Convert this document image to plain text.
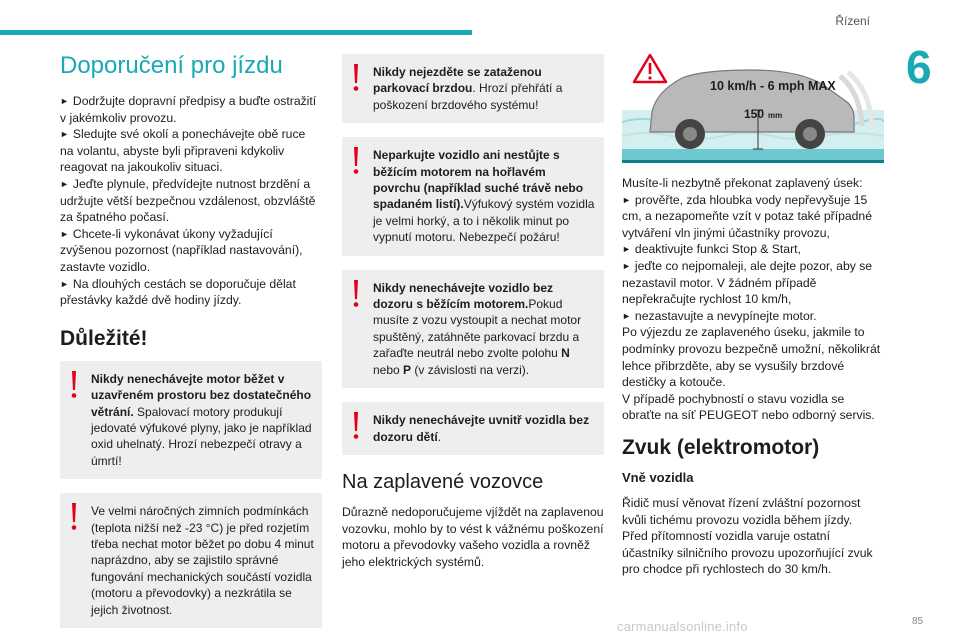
Řízení
6
Doporučení pro jízdu
► Dodržujte dopravní předpisy a buďte ostražití v jakémkoliv provozu.
► Sledujte své okolí a ponechávejte obě ruce na volantu, abyste byli připraveni kdykoliv reagovat na jakoukoliv situaci.
► Jeďte plynule, předvídejte nutnost brzdění a udržujte větší bezpečnou vzdálenost, obzvláště za špatného počasí.
► Chcete-li vykonávat úkony vyžadující zvýšenou pozornost (například nastavování), zastavte vozidlo.
► Na dlouhých cestách se doporučuje dělat přestávky každé dvě hodiny jízdy.
Důležité!
Nikdy nenechávejte motor běžet v uzavřeném prostoru bez dostatečného větrání. Spalovací motory produkují jedovaté výfukové plyny, jako je například oxid uhelnatý. Hrozí nebezpečí otravy a úmrtí!
Ve velmi náročných zimních podmínkách (teplota nižší než -23 °C) je před rozjetím třeba nechat motor běžet po dobu 4 minut naprázdno, aby se zajistilo správné fungování mechanických součástí vozidla (motoru a převodovky) a nezkrátila se jejich životnost.
Nikdy nejezděte se zataženou parkovací brzdou. Hrozí přehřátí a poškození brzdového systému!
Neparkujte vozidlo ani nestůjte s běžícím motorem na hořlavém povrchu (například suché trávě nebo spadaném listí).Výfukový systém vozidla je velmi horký, a to i několik minut po vypnutí motoru. Nebezpečí požáru!
Nikdy nenechávejte vozidlo bez dozoru s běžícím motorem.Pokud musíte z vozu vystoupit a nechat motor spuštěný, zatáhněte parkovací brzdu a zařaďte neutrál nebo zvolte polohu N nebo P (v závislosti na verzi).
Nikdy nenechávejte uvnitř vozidla bez dozoru dětí.
Na zaplavené vozovce

Důrazně nedoporučujeme vjíždět na zaplavenou vozovku, mohlo by to vést k vážnému poškození motoru a převodovky vašeho vozidla a rovněž jeho elektrických systémů.

10 km/h - 6 mph MAX
150 mm
Musíte-li nezbytně překonat zaplavený úsek:
► prověřte, zda hloubka vody nepřevyšuje 15 cm, a nezapomeňte vzít v potaz také případné vytváření vln jinými účastníky provozu,
► deaktivujte funkci Stop & Start,
► jeďte co nejpomaleji, ale dejte pozor, aby se nezastavil motor. V žádném případě nepřekračujte rychlost 10 km/h,
► nezastavujte a nevypínejte motor.
Po výjezdu ze zaplaveného úseku, jakmile to podmínky provozu bezpečně umožní, několikrát lehce přibrzděte, aby se vysušily brzdové destičky a kotouče.
V případě pochybností o stavu vozidla se obraťte na síť PEUGEOT nebo odborný servis.
Zvuk (elektromotor)
Vně vozidla
Řidič musí věnovat řízení zvláštní pozornost kvůli tichému provozu vozidla během jízdy.
Před přítomností vozidla varuje ostatní účastníky silničního provozu upozorňující zvuk pro chodce při rychlostech do 30 km/h.
carmanualsonline.info	85
